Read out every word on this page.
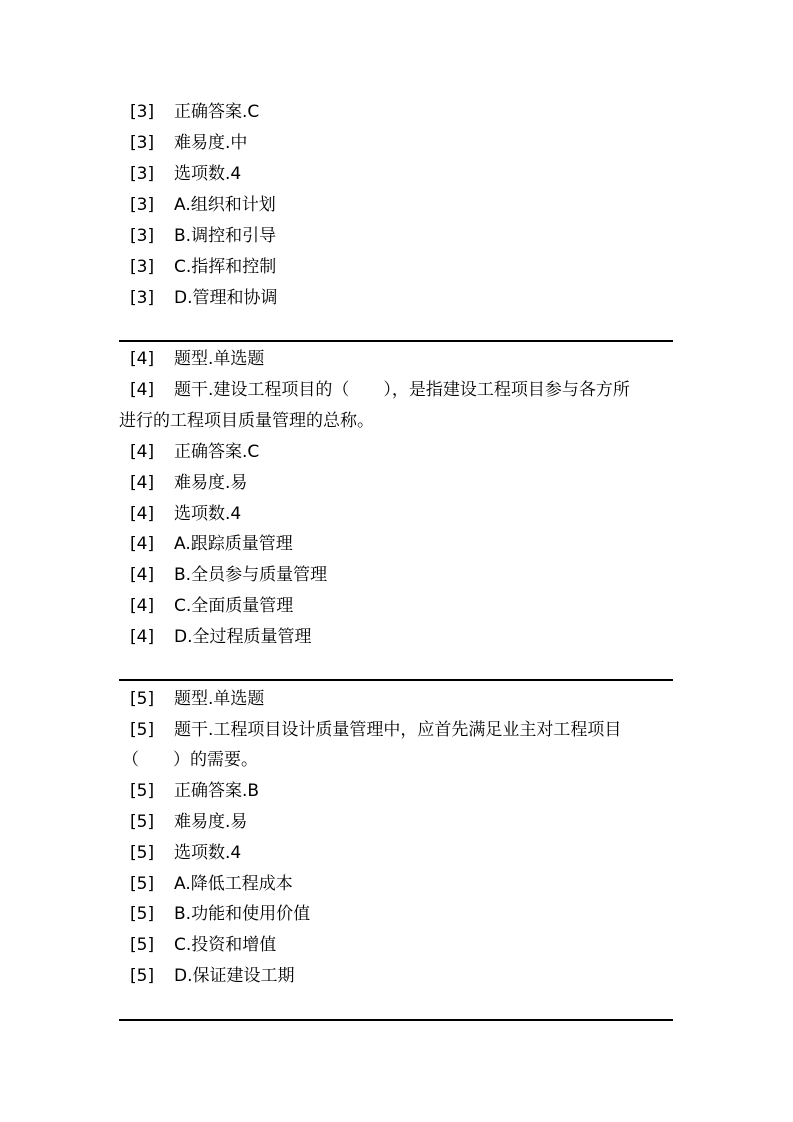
[3] 正确答案.C
[3] 难易度.中
[3] 选项数.4
[3] A.组织和计划
[3] B.调控和引导
[3] C.指挥和控制
[3] D.管理和协调
[4] 题型.单选题
[4] 题干.建设工程项目的（　　），是指建设工程项目参与各方所
进行的工程项目质量管理的总称。
[4] 正确答案.C
[4] 难易度.易
[4] 选项数.4
[4] A.跟踪质量管理
[4] B.全员参与质量管理
[4] C.全面质量管理
[4] D.全过程质量管理
[5] 题型.单选题
[5] 题干.工程项目设计质量管理中，应首先满足业主对工程项目
（　　）的需要。
[5] 正确答案.B
[5] 难易度.易
[5] 选项数.4
[5] A.降低工程成本
[5] B.功能和使用价值
[5] C.投资和增值
[5] D.保证建设工期
